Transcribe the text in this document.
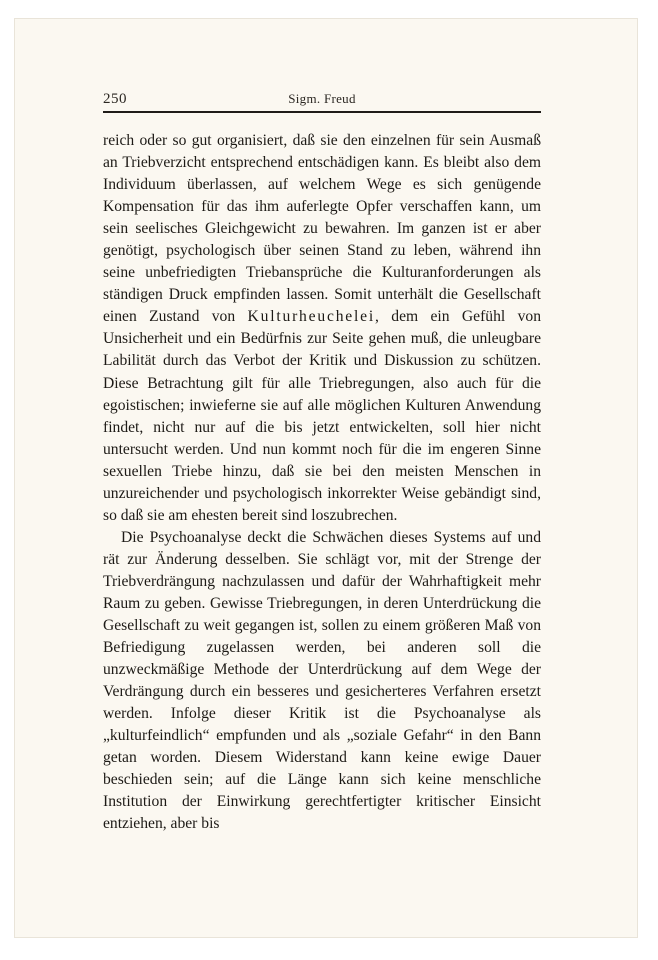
250	Sigm. Freud

reich oder so gut organisiert, daß sie den einzelnen für sein Ausmaß an Triebverzicht entsprechend entschädigen kann. Es bleibt also dem Individuum überlassen, auf welchem Wege es sich genügende Kompensation für das ihm auferlegte Opfer verschaffen kann, um sein seelisches Gleichgewicht zu bewahren. Im ganzen ist er aber genötigt, psychologisch über seinen Stand zu leben, während ihn seine unbefriedigten Triebansprüche die Kulturanforderungen als ständigen Druck empfinden lassen. Somit unterhält die Gesellschaft einen Zustand von Kulturheuchelei, dem ein Gefühl von Unsicherheit und ein Bedürfnis zur Seite gehen muß, die unleugbare Labilität durch das Verbot der Kritik und Diskussion zu schützen. Diese Betrachtung gilt für alle Triebregungen, also auch für die egoistischen; inwieferne sie auf alle möglichen Kulturen Anwendung findet, nicht nur auf die bis jetzt entwickelten, soll hier nicht untersucht werden. Und nun kommt noch für die im engeren Sinne sexuellen Triebe hinzu, daß sie bei den meisten Menschen in unzureichender und psychologisch inkorrekter Weise gebändigt sind, so daß sie am ehesten bereit sind loszubrechen.

Die Psychoanalyse deckt die Schwächen dieses Systems auf und rät zur Änderung desselben. Sie schlägt vor, mit der Strenge der Triebverdrängung nachzulassen und dafür der Wahrhaftigkeit mehr Raum zu geben. Gewisse Triebregungen, in deren Unterdrückung die Gesellschaft zu weit gegangen ist, sollen zu einem größeren Maß von Befriedigung zugelassen werden, bei anderen soll die unzweckmäßige Methode der Unterdrückung auf dem Wege der Verdrängung durch ein besseres und gesicherteres Verfahren ersetzt werden. Infolge dieser Kritik ist die Psychoanalyse als „kulturfeindlich“ empfunden und als „soziale Gefahr“ in den Bann getan worden. Diesem Widerstand kann keine ewige Dauer beschieden sein; auf die Länge kann sich keine menschliche Institution der Einwirkung gerechtfertigter kritischer Einsicht entziehen, aber bis
